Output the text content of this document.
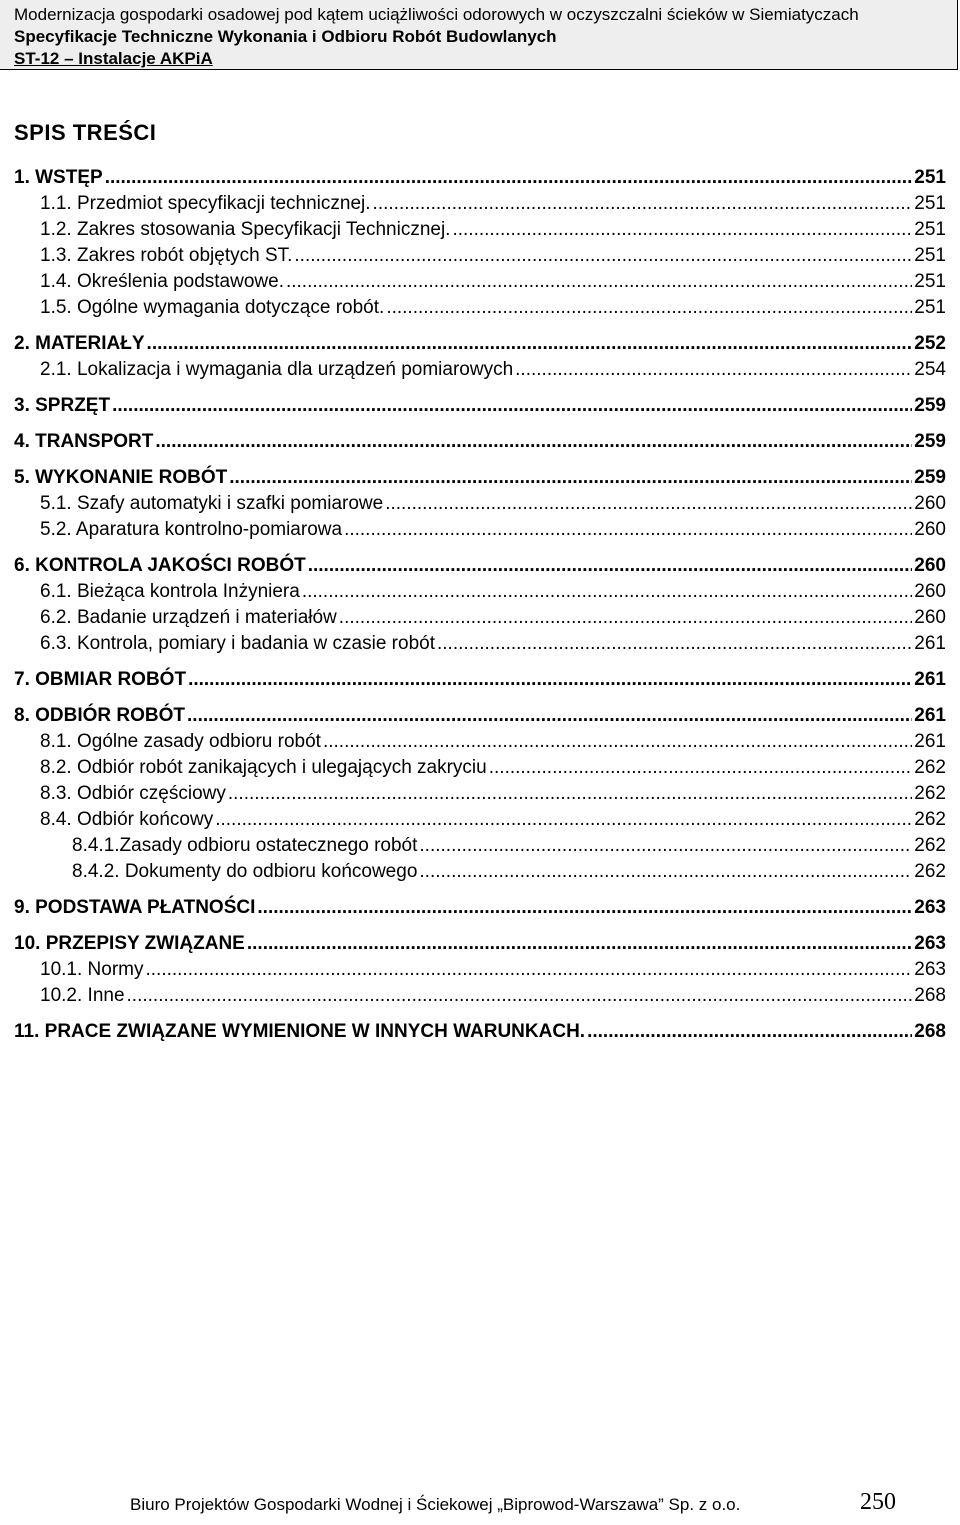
Modernizacja gospodarki osadowej pod kątem uciążliwości odorowych w oczyszczalni ścieków w Siemiatyczach
Specyfikacje Techniczne Wykonania i Odbioru Robót Budowlanych
ST-12 – Instalacje AKPiA
SPIS TREŚCI
1. WSTĘP .....	251
1.1. Przedmiot specyfikacji technicznej. .....	251
1.2. Zakres stosowania Specyfikacji Technicznej. .....	251
1.3. Zakres robót objętych ST. .....	251
1.4. Określenia podstawowe. .....	251
1.5. Ogólne wymagania dotyczące robót. .....	251
2. MATERIAŁY .....	252
2.1. Lokalizacja i wymagania dla urządzeń pomiarowych .....	254
3. SPRZĘT .....	259
4. TRANSPORT .....	259
5. WYKONANIE ROBÓT .....	259
5.1. Szafy automatyki i szafki pomiarowe .....	260
5.2. Aparatura kontrolno-pomiarowa .....	260
6. KONTROLA JAKOŚCI ROBÓT .....	260
6.1. Bieżąca kontrola Inżyniera .....	260
6.2. Badanie urządzeń i materiałów .....	260
6.3. Kontrola, pomiary i badania w czasie robót .....	261
7. OBMIAR ROBÓT .....	261
8. ODBIÓR ROBÓT .....	261
8.1. Ogólne zasady odbioru robót .....	261
8.2. Odbiór robót zanikających i ulegających zakryciu .....	262
8.3. Odbiór częściowy .....	262
8.4. Odbiór końcowy .....	262
8.4.1.Zasady odbioru ostatecznego robót .....	262
8.4.2. Dokumenty do odbioru końcowego .....	262
9. PODSTAWA PŁATNOŚCI .....	263
10. PRZEPISY ZWIĄZANE .....	263
10.1. Normy .....	263
10.2. Inne .....	268
11. PRACE ZWIĄZANE WYMIENIONE W INNYCH WARUNKACH. .....	268
Biuro Projektów Gospodarki Wodnej i Ściekowej „Biprowod-Warszawa” Sp. z o.o.	250
